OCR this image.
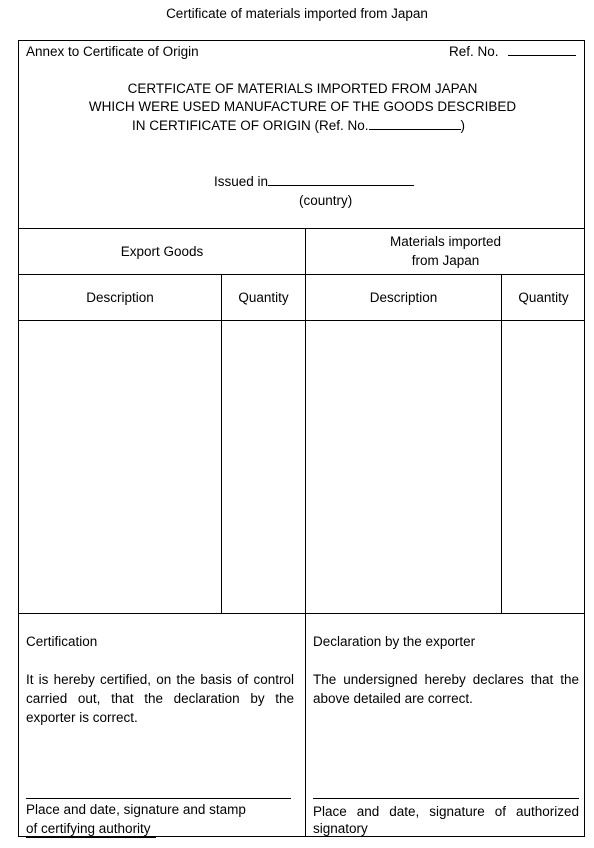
Certificate of materials imported from Japan
Annex to Certificate of Origin	Ref. No.
CERTFICATE OF MATERIALS IMPORTED FROM JAPAN
WHICH WERE USED MANUFACTURE OF THE GOODS DESCRIBED
IN CERTIFICATE OF ORIGIN (Ref. No.	)
Issued in
(country)
Export Goods
Materials imported
from Japan
Description	Quantity	Description	Quantity
Certification
It is hereby certified, on the basis of control carried out, that the declaration by the exporter is correct.
Place and date, signature and stamp
of certifying authority
Declaration by the exporter
The undersigned hereby declares that the above detailed are correct.
Place and date, signature of authorized
signatory
